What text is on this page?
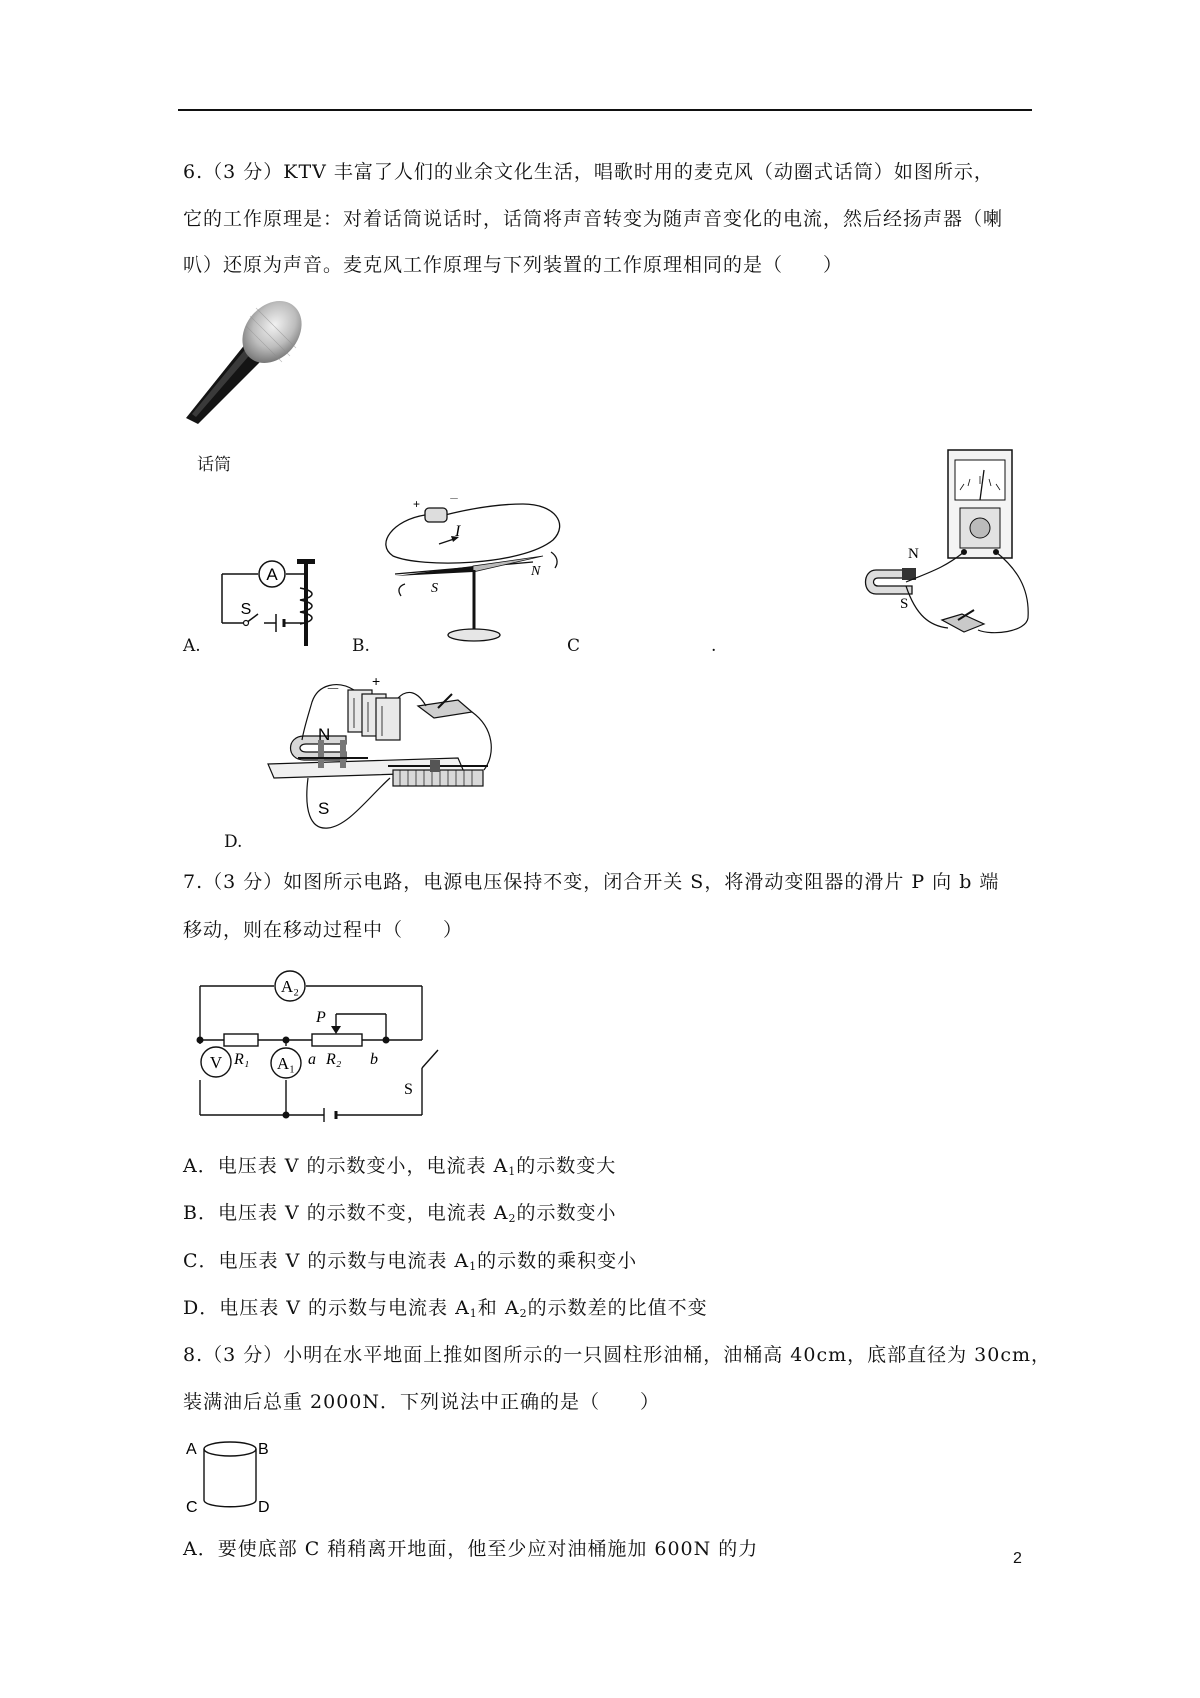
6.（3 分）KTV 丰富了人们的业余文化生活，唱歌时用的麦克风（动圈式话筒）如图所示，
它的工作原理是：对着话筒说话时，话筒将声音转变为随声音变化的电流，然后经扬声器（喇
叭）还原为声音。麦克风工作原理与下列装置的工作原理相同的是（　　）
话筒
A
S
A.
+	－
I
N
S
B.	C	.
N
S
－ +
N
S
D.
7.（3 分）如图所示电路，电源电压保持不变，闭合开关 S，将滑动变阻器的滑片 P 向 b 端
移动，则在移动过程中（　　）
A₂
A₁
V R₁	R₂
P
a	b
S
A．电压表 V 的示数变小，电流表 $A_1$的示数变大
B．电压表 V 的示数不变，电流表 $A_2$的示数变小
C．电压表 V 的示数与电流表 $A_1$的示数的乘积变小
D．电压表 V 的示数与电流表 $A_1$和 $A_2$的示数差的比值不变
8.（3 分）小明在水平地面上推如图所示的一只圆柱形油桶，油桶高 40cm，底部直径为 30cm，
装满油后总重 2000N．下列说法中正确的是（　　）
A	B
C	D
A．要使底部 C 稍稍离开地面，他至少应对油桶施加 600N 的力	2
